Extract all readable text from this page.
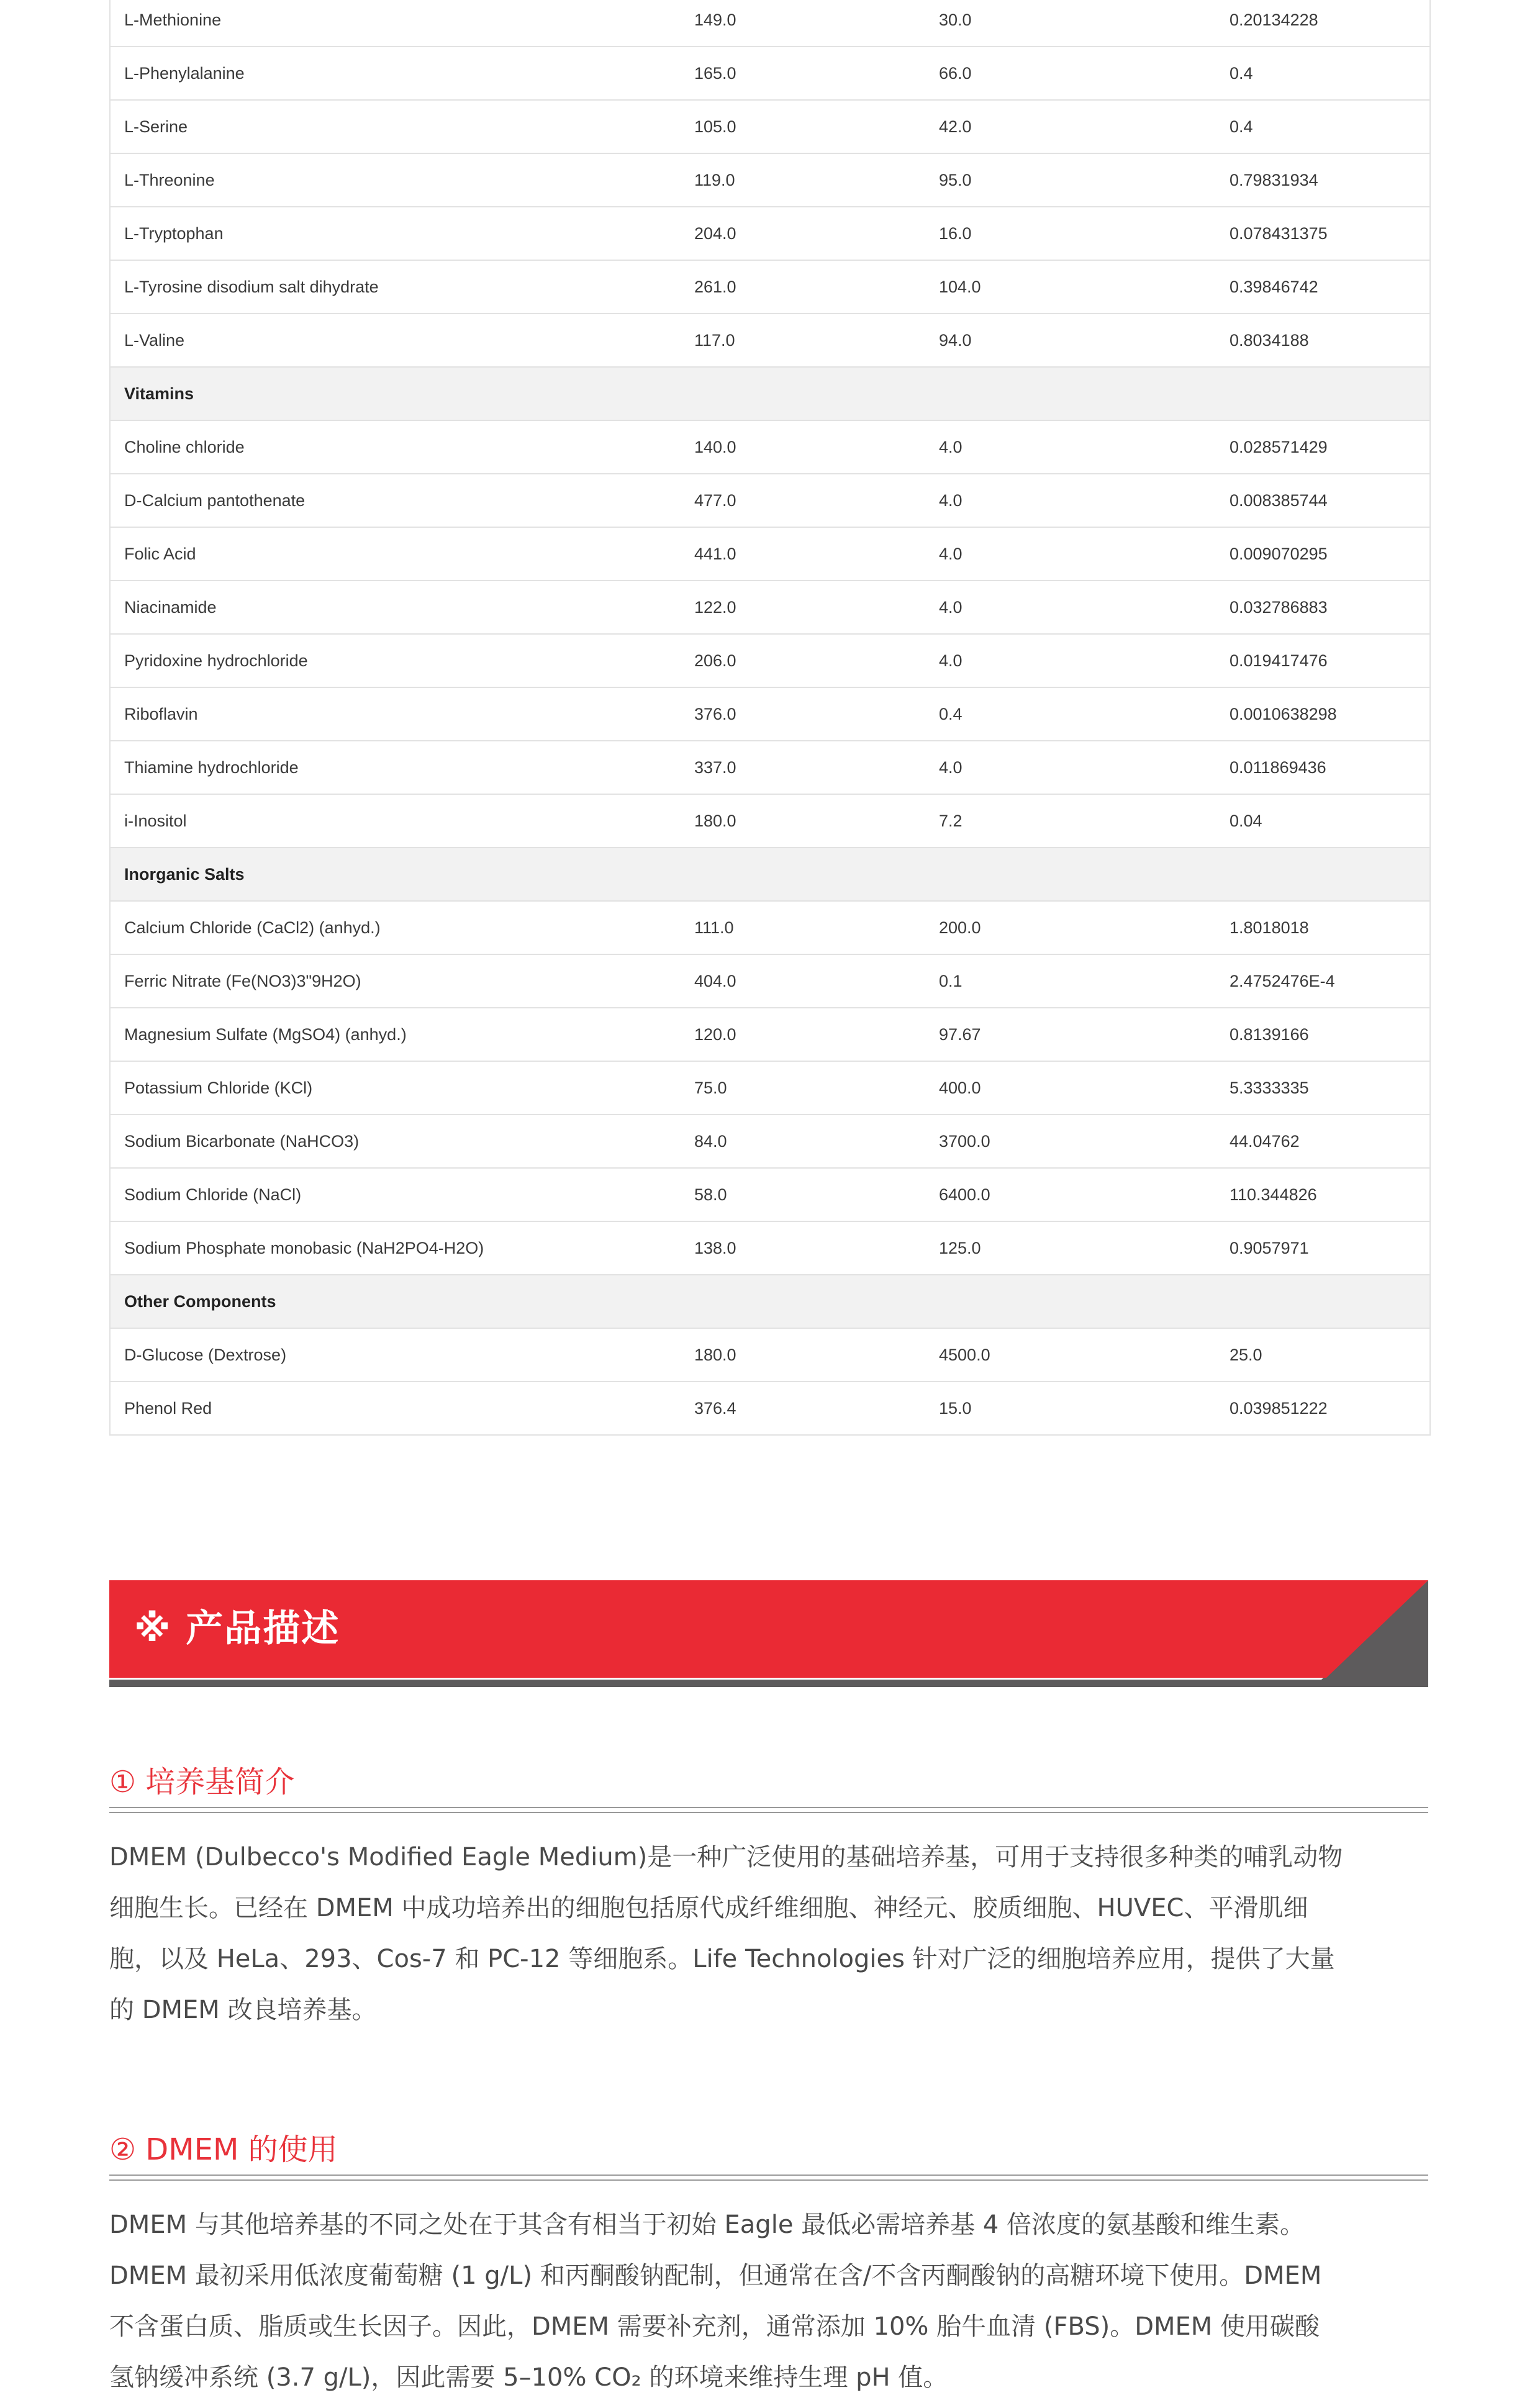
L-Methionine	149.0	30.0	0.20134228
L-Phenylalanine	165.0	66.0	0.4
L-Serine	105.0	42.0	0.4
L-Threonine	119.0	95.0	0.79831934
L-Tryptophan	204.0	16.0	0.078431375
L-Tyrosine disodium salt dihydrate	261.0	104.0	0.39846742
L-Valine	117.0	94.0	0.8034188
Vitamins			
Choline chloride	140.0	4.0	0.028571429
D-Calcium pantothenate	477.0	4.0	0.008385744
Folic Acid	441.0	4.0	0.009070295
Niacinamide	122.0	4.0	0.032786883
Pyridoxine hydrochloride	206.0	4.0	0.019417476
Riboflavin	376.0	0.4	0.0010638298
Thiamine hydrochloride	337.0	4.0	0.011869436
i-Inositol	180.0	7.2	0.04
Inorganic Salts			
Calcium Chloride (CaCl2) (anhyd.)	111.0	200.0	1.8018018
Ferric Nitrate (Fe(NO3)3"9H2O)	404.0	0.1	2.4752476E-4
Magnesium Sulfate (MgSO4) (anhyd.)	120.0	97.67	0.8139166
Potassium Chloride (KCl)	75.0	400.0	5.3333335
Sodium Bicarbonate (NaHCO3)	84.0	3700.0	44.04762
Sodium Chloride (NaCl)	58.0	6400.0	110.344826
Sodium Phosphate monobasic (NaH2PO4-H2O)	138.0	125.0	0.9057971
Other Components			
D-Glucose (Dextrose)	180.0	4500.0	25.0
Phenol Red	376.4	15.0	0.039851222
※ 产品描述
① 培养基简介
DMEM (Dulbecco's Modified Eagle Medium)是一种广泛使用的基础培养基，可用于支持很多种类的哺乳动物
细胞生长。已经在 DMEM 中成功培养出的细胞包括原代成纤维细胞、神经元、胶质细胞、HUVEC、平滑肌细
胞，以及 HeLa、293、Cos-7 和 PC-12 等细胞系。Life Technologies 针对广泛的细胞培养应用，提供了大量
的 DMEM 改良培养基。
② DMEM 的使用
DMEM 与其他培养基的不同之处在于其含有相当于初始 Eagle 最低必需培养基 4 倍浓度的氨基酸和维生素。
DMEM 最初采用低浓度葡萄糖 (1 g/L) 和丙酮酸钠配制，但通常在含/不含丙酮酸钠的高糖环境下使用。DMEM
不含蛋白质、脂质或生长因子。因此，DMEM 需要补充剂，通常添加 10% 胎牛血清 (FBS)。DMEM 使用碳酸
氢钠缓冲系统 (3.7 g/L)，因此需要 5–10% CO₂ 的环境来维持生理 pH 值。
